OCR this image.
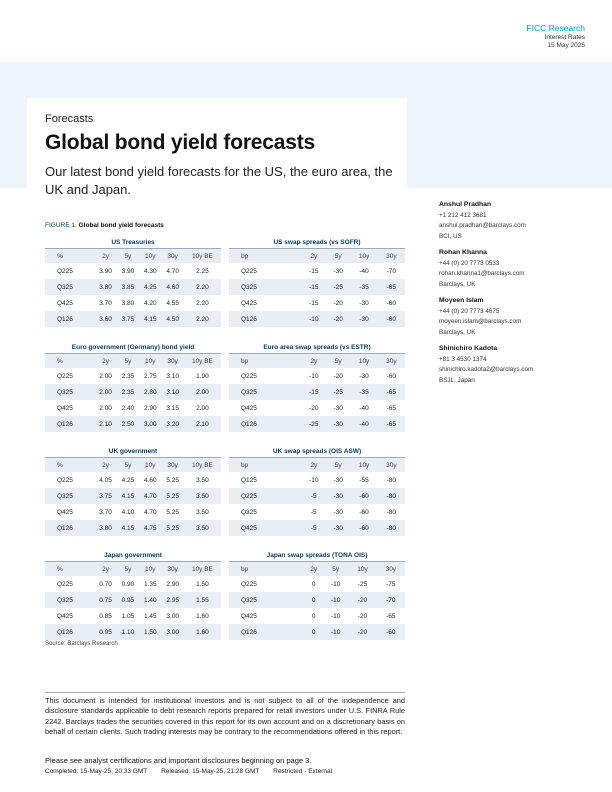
FICC Research
Interest Rates
15 May 2025
Forecasts
Global bond yield forecasts
Our latest bond yield forecasts for the US, the euro area, the UK and Japan.
FIGURE 1. Global bond yield forecasts
US Treasuries
%	2y	5y	10y	30y	10y BE
Q225	3.90	3.90	4.30	4.70	2.25
Q325	3.80	3.85	4.25	4.60	2.20
Q425	3.70	3.80	4.20	4.55	2.20
Q126	3.60	3.75	4.15	4.50	2.20
US swap spreads (vs SOFR)
bp	2y	5y	10y	30y
Q225	-15	-30	-40	-70
Q325	-15	-25	-35	-65
Q425	-15	-20	-30	-60
Q126	-10	-20	-30	-60
Euro government (Germany) bond yield
%	2y	5y	10y	30y	10y BE
Q225	2.00	2.35	2.75	3.10	1.90
Q325	2.00	2.35	2.80	3.10	2.00
Q425	2.00	2.40	2.90	3.15	2.00
Q126	2.10	2.50	3.00	3.20	2.10
Euro area swap spreads (vs ESTR)
bp	2y	5y	10y	30y
Q225	-10	-20	-30	-60
Q325	-15	-25	-35	-65
Q425	-20	-30	-40	-65
Q126	-25	-30	-40	-65
UK government
%	2y	5y	10y	30y	10y BE
Q225	4.05	4.25	4.60	5.25	3.50
Q325	3.75	4.15	4.70	5.25	3.50
Q425	3.70	4.10	4.70	5.25	3.50
Q126	3.80	4.15	4.75	5.25	3.50
UK swap spreads (OIS ASW)
bp	2y	5y	10y	30y
Q125	-10	-30	-55	-80
Q225	-5	-30	-60	-80
Q325	-5	-30	-60	-80
Q425	-5	-30	-60	-80
Japan government
%	2y	5y	10y	30y	10y BE
Q225	0.70	0.90	1.35	2.90	1.50
Q325	0.75	0.95	1.40	2.95	1.55
Q425	0.85	1.05	1.45	3.00	1.60
Q126	0.95	1.10	1.50	3.00	1.60
Japan swap spreads (TONA OIS)
bp	2y	5y	10y	30y
Q225	0	-10	-25	-75
Q325	0	-10	-20	-70
Q425	0	-10	-20	-65
Q126	0	-10	-20	-60
Source: Barclays Research
Anshul Pradhan
+1 212 412 3681
anshul.pradhan@barclays.com
BCI, US
Rohan Khanna
+44 (0) 20 7773 0533
rohan.khanna1@barclays.com
Barclays, UK
Moyeen Islam
+44 (0) 20 7773 4675
moyeen.islam@barclays.com
Barclays, UK
Shinichiro Kadota
+81 3 4530 1374
shinichiro.kadota2@barclays.com
BSJL, Japan
This document is intended for institutional investors and is not subject to all of the independence and disclosure standards applicable to debt research reports prepared for retail investors under U.S. FINRA Rule 2242. Barclays trades the securities covered in this report for its own account and on a discretionary basis on behalf of certain clients. Such trading interests may be contrary to the recommendations offered in this report.
Please see analyst certifications and important disclosures beginning on page 3.
Completed: 15-May-25, 20:33 GMT Released: 15-May-25, 21:28 GMT Restricted - External
